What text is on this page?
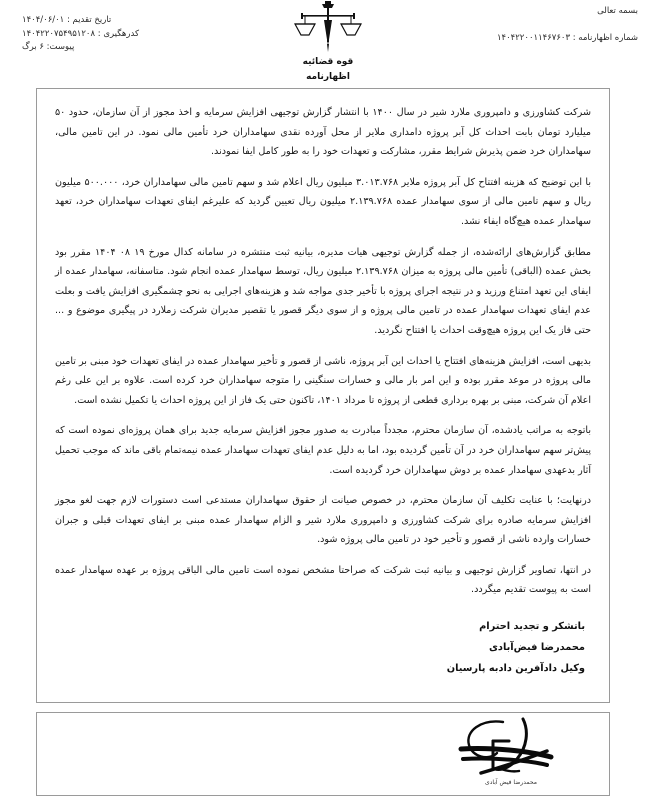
بسمه تعالی
شماره اظهارنامه : ۱۴۰۴۲۲۰۰۱۱۴۶۷۶۰۳
تاریخ تقدیم : ۱۴۰۴/۰۶/۰۱
کدرهگیری : ۱۴۰۴۲۲۰۷۵۴۹۵۱۲۰۸
پیوست: ۶ برگ
قوه قضائیه
اظهارنامه

شرکت کشاورزی و دامپروری ملارد شیر در سال ۱۴۰۰ با انتشار گزارش توجیهی افزایش سرمایه و اخذ مجوز از آن سازمان، حدود ۵۰ میلیارد تومان بابت احداث کل آبر پروژه دامداری ملایر از محل آورده نقدی سهامداران خرد تأمین مالی نمود. در این تامین مالی، سهامداران خرد ضمن پذیرش شرایط مقرر، مشارکت و تعهدات خود را به طور کامل ایفا نمودند.

با این توضیح که هزینه افتتاح کل آبر پروژه ملایر ۳.۰۱۳.۷۶۸ میلیون ریال اعلام شد و سهم تامین مالی سهامداران خرد، ۵۰۰.۰۰۰ میلیون ریال و سهم تامین مالی از سوی سهامدار عمده ۲.۱۳۹.۷۶۸ میلیون ریال تعیین گردید که علیرغم ایفای تعهدات سهامداران خرد، تعهد سهامدار عمده هیچ‌گاه ایفاء نشد.

مطابق گزارش‌های ارائه‌شده، از جمله گزارش توجیهی هیات مدیره، بیانیه ثبت منتشره در سامانه کدال مورخ ۱۹ ۰۸ ۱۴۰۴ مقرر بود بخش عمده (الباقی) تأمین مالی پروژه به میزان ۲.۱۳۹.۷۶۸ میلیون ریال، توسط سهامدار عمده انجام شود. متاسفانه، سهامدار عمده از ایفای این تعهد امتناع ورزید و در نتیجه اجرای پروژه با تأخیر جدی مواجه شد و هزینه‌های اجرایی به نحو چشمگیری افزایش یافت و بعلت عدم ایفای تعهدات سهامدار عمده در تامین مالی پروژه و از سوی دیگر قصور یا تقصیر مدیران شرکت زملارد در پیگیری موضوع و ... حتی فاز یک این پروژه هیچ‌وقت احداث یا افتتاح نگردید.

بدیهی است، افزایش هزینه‌های افتتاح یا احداث این آبر پروژه، ناشی از قصور و تأخیر سهامدار عمده در ایفای تعهدات خود مبنی بر تامین مالی پروژه در موعد مقرر بوده و این امر بار مالی و خسارات سنگینی را متوجه سهامداران خرد کرده است. علاوه بر این علی رغم اعلام آن شرکت، مبنی بر بهره برداری قطعی از پروژه تا مرداد ۱۴۰۱، تاکنون حتی یک فاز از این پروژه احداث یا تکمیل نشده است.

باتوجه به مراتب یادشده، آن سازمان محترم، مجدداً مبادرت به صدور مجوز افزایش سرمایه جدید برای همان پروژه‌ای نموده است که پیش‌تر سهم سهامداران خرد در آن تأمین گردیده بود، اما به دلیل عدم ایفای تعهدات سهامدار عمده نیمه‌تمام باقی ماند که موجب تحمیل آثار بدعهدی سهامدار عمده بر دوش سهامداران خرد گردیده است.

درنهایت؛ با عنایت تکلیف آن سازمان محترم، در خصوص صیانت از حقوق سهامداران مستدعی است دستورات لازم جهت لغو مجوز افزایش سرمایه صادره برای شرکت کشاورزی و دامپروری ملارد شیر و الزام سهامدار عمده مبنی بر ایفای تعهدات قبلی و جبران خسارات وارده ناشی از قصور و تأخیر خود در تامین مالی پروژه شود.

در انتها، تصاویر گزارش توجیهی و بیانیه ثبت شرکت که صراحتا مشخص نموده است تامین مالی الباقی پروژه بر عهده سهامدار عمده است به پیوست تقدیم میگردد.

باتشکر و تجدید احترام
محمدرضا فیض‌آبادی
وکیل دادآفرین دادبه پارسیان
محمدرضا فیض آبادی
